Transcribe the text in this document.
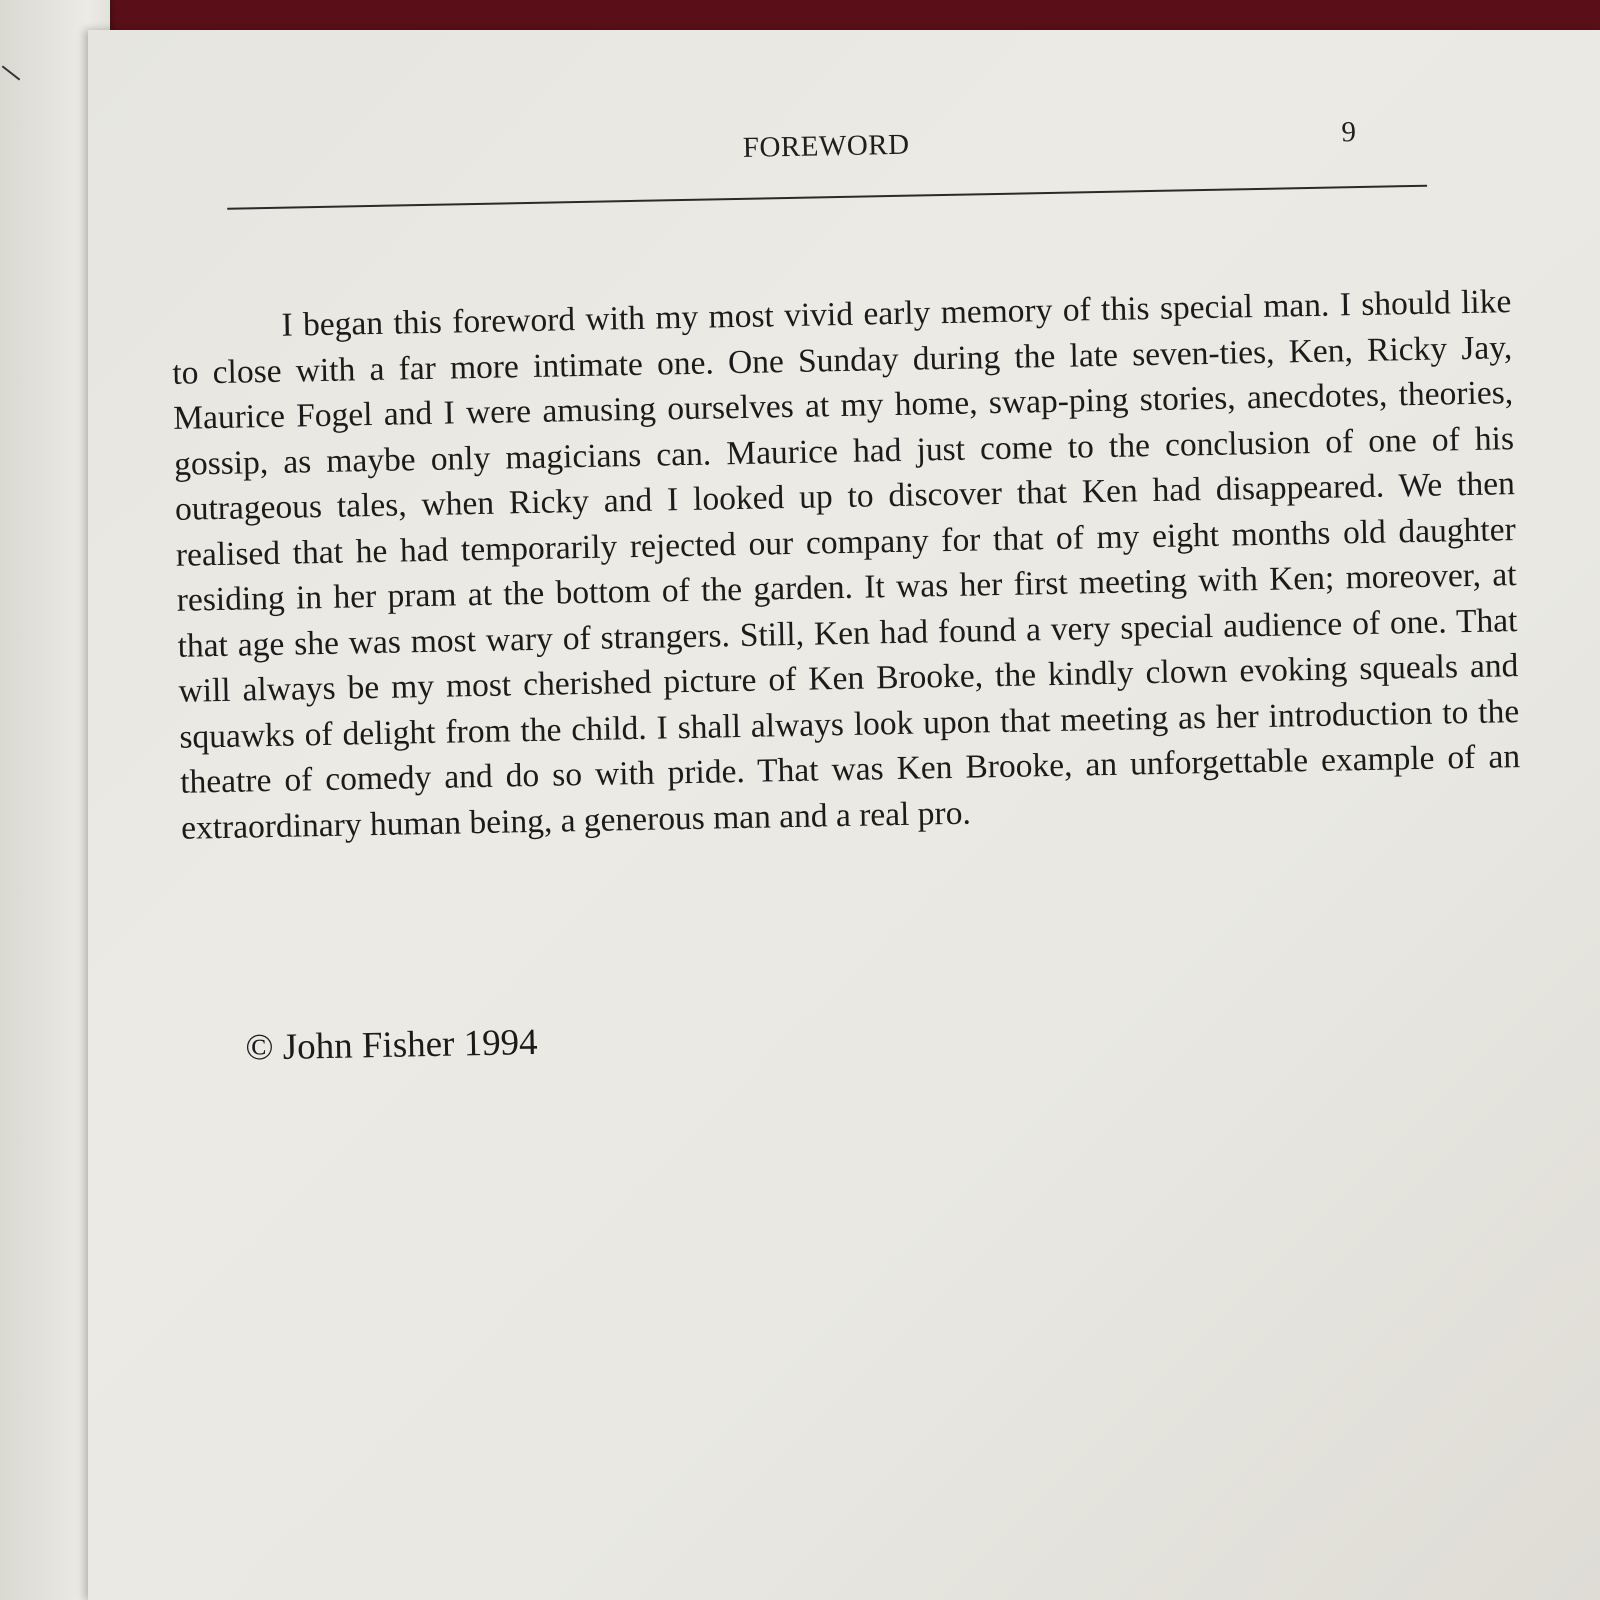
FOREWORD	9

I began this foreword with my most vivid early memory of this special man. I should like to close with a far more intimate one. One Sunday during the late seven-ties, Ken, Ricky Jay, Maurice Fogel and I were amusing ourselves at my home, swap-ping stories, anecdotes, theories, gossip, as maybe only magicians can. Maurice had just come to the conclusion of one of his outrageous tales, when Ricky and I looked up to discover that Ken had disappeared. We then realised that he had temporarily rejected our company for that of my eight months old daughter residing in her pram at the bottom of the garden. It was her first meeting with Ken; moreover, at that age she was most wary of strangers. Still, Ken had found a very special audience of one. That will always be my most cherished picture of Ken Brooke, the kindly clown evoking squeals and squawks of delight from the child. I shall always look upon that meeting as her introduction to the theatre of comedy and do so with pride. That was Ken Brooke, an unforgettable example of an extraordinary human being, a generous man and a real pro.

© John Fisher 1994
